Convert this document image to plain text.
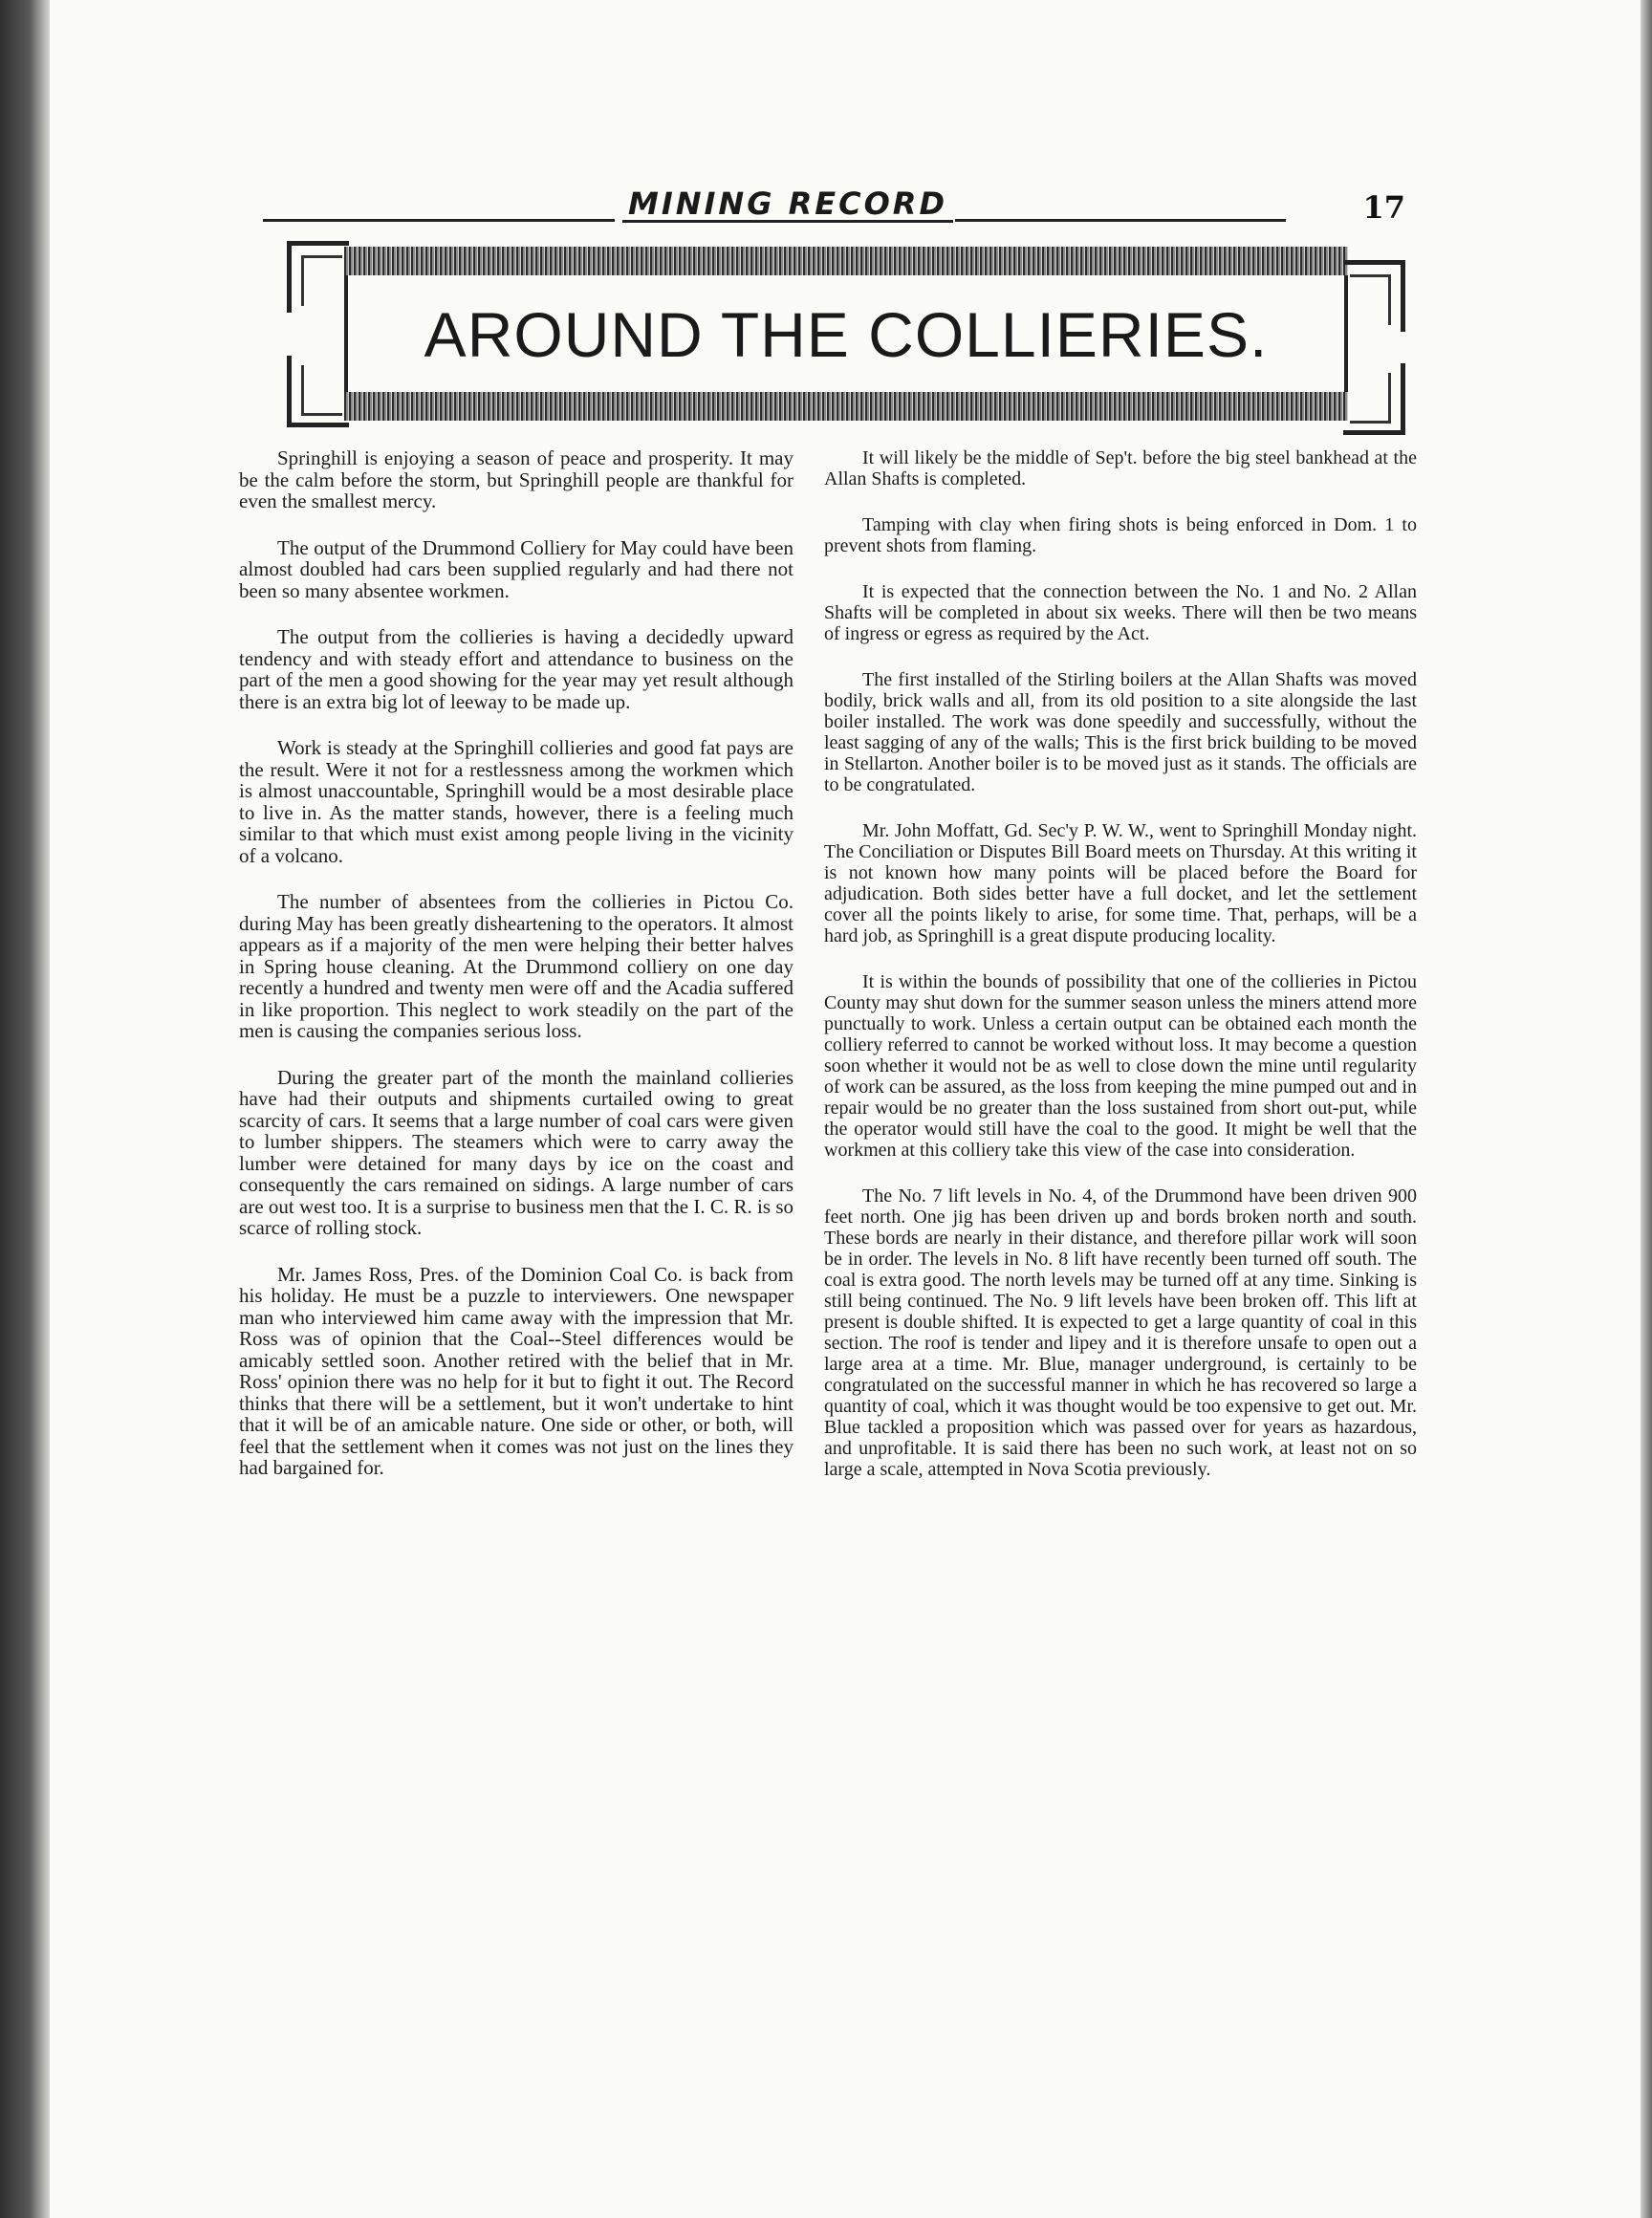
MINING RECORD	17
AROUND THE COLLIERIES.

Springhill is enjoying a season of peace and prosperity. It may be the calm before the storm, but Springhill people are thankful for even the smallest mercy.

The output of the Drummond Colliery for May could have been almost doubled had cars been supplied regularly and had there not been so many absentee workmen.

The output from the collieries is having a decidedly upward tendency and with steady effort and attendance to business on the part of the men a good showing for the year may yet result although there is an extra big lot of leeway to be made up.

Work is steady at the Springhill collieries and good fat pays are the result. Were it not for a restlessness among the workmen which is almost unaccountable, Springhill would be a most desirable place to live in. As the matter stands, however, there is a feeling much similar to that which must exist among people living in the vicinity of a volcano.

The number of absentees from the collieries in Pictou Co. during May has been greatly disheartening to the operators. It almost appears as if a majority of the men were helping their better halves in Spring house cleaning. At the Drummond colliery on one day recently a hundred and twenty men were off and the Acadia suffered in like proportion. This neglect to work steadily on the part of the men is causing the companies serious loss.

During the greater part of the month the mainland collieries have had their outputs and shipments curtailed owing to great scarcity of cars. It seems that a large number of coal cars were given to lumber shippers. The steamers which were to carry away the lumber were detained for many days by ice on the coast and consequently the cars remained on sidings. A large number of cars are out west too. It is a surprise to business men that the I. C. R. is so scarce of rolling stock.

Mr. James Ross, Pres. of the Dominion Coal Co. is back from his holiday. He must be a puzzle to interviewers. One newspaper man who interviewed him came away with the impression that Mr. Ross was of opinion that the Coal--Steel differences would be amicably settled soon. Another retired with the belief that in Mr. Ross' opinion there was no help for it but to fight it out. The Record thinks that there will be a settlement, but it won't undertake to hint that it will be of an amicable nature. One side or other, or both, will feel that the settlement when it comes was not just on the lines they had bargained for.

It will likely be the middle of Sep't. before the big steel bankhead at the Allan Shafts is completed.

Tamping with clay when firing shots is being enforced in Dom. 1 to prevent shots from flaming.

It is expected that the connection between the No. 1 and No. 2 Allan Shafts will be completed in about six weeks. There will then be two means of ingress or egress as required by the Act.

The first installed of the Stirling boilers at the Allan Shafts was moved bodily, brick walls and all, from its old position to a site alongside the last boiler installed. The work was done speedily and successfully, without the least sagging of any of the walls; This is the first brick building to be moved in Stellarton. Another boiler is to be moved just as it stands. The officials are to be congratulated.

Mr. John Moffatt, Gd. Sec'y P. W. W., went to Springhill Monday night. The Conciliation or Disputes Bill Board meets on Thursday. At this writing it is not known how many points will be placed before the Board for adjudication. Both sides better have a full docket, and let the settlement cover all the points likely to arise, for some time. That, perhaps, will be a hard job, as Springhill is a great dispute producing locality.

It is within the bounds of possibility that one of the collieries in Pictou County may shut down for the summer season unless the miners attend more punctually to work. Unless a certain output can be obtained each month the colliery referred to cannot be worked without loss. It may become a question soon whether it would not be as well to close down the mine until regularity of work can be assured, as the loss from keeping the mine pumped out and in repair would be no greater than the loss sustained from short out-put, while the operator would still have the coal to the good. It might be well that the workmen at this colliery take this view of the case into consideration.

The No. 7 lift levels in No. 4, of the Drummond have been driven 900 feet north. One jig has been driven up and bords broken north and south. These bords are nearly in their distance, and therefore pillar work will soon be in order. The levels in No. 8 lift have recently been turned off south. The coal is extra good. The north levels may be turned off at any time. Sinking is still being continued. The No. 9 lift levels have been broken off. This lift at present is double shifted. It is expected to get a large quantity of coal in this section. The roof is tender and lipey and it is therefore unsafe to open out a large area at a time. Mr. Blue, manager underground, is certainly to be congratulated on the successful manner in which he has recovered so large a quantity of coal, which it was thought would be too expensive to get out. Mr. Blue tackled a proposition which was passed over for years as hazardous, and unprofitable. It is said there has been no such work, at least not on so large a scale, attempted in Nova Scotia previously.
